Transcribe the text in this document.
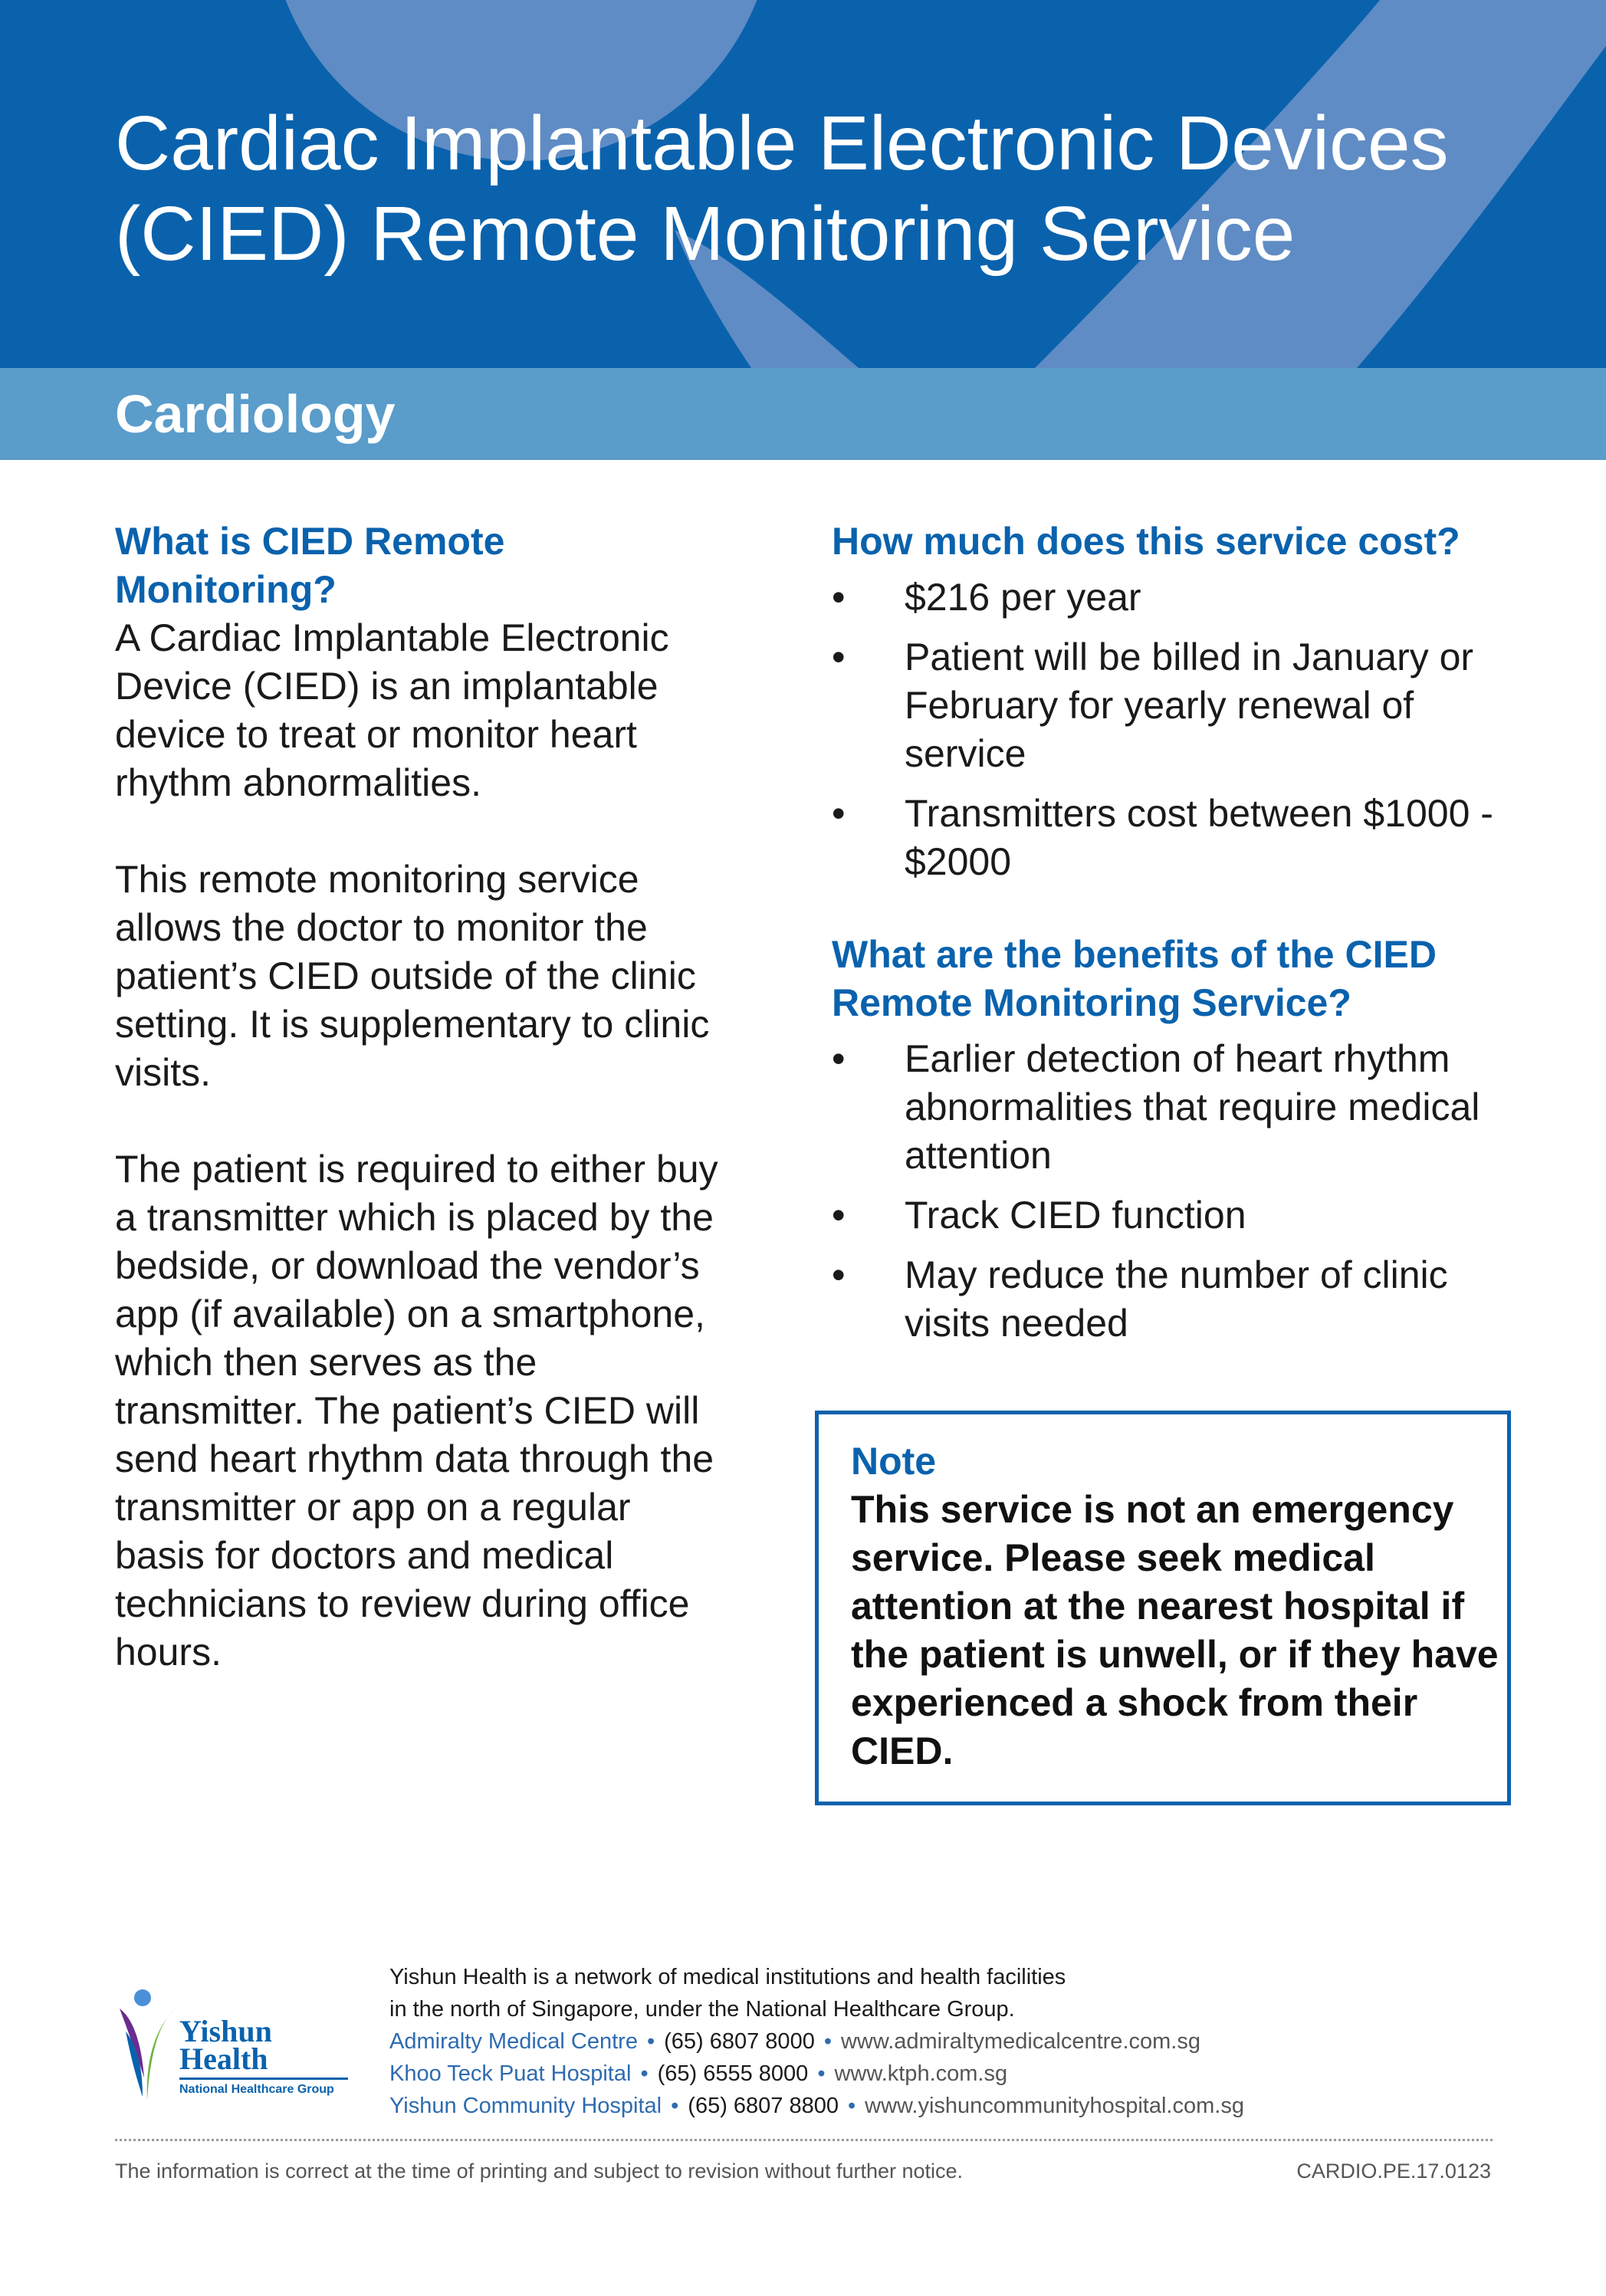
Cardiac Implantable Electronic Devices
(CIED) Remote Monitoring Service
Cardiology
What is CIED Remote Monitoring?

A Cardiac Implantable Electronic Device (CIED) is an implantable device to treat or monitor heart rhythm abnormalities.

This remote monitoring service allows the doctor to monitor the patient’s CIED outside of the clinic setting. It is supplementary to clinic visits.

The patient is required to either buy a transmitter which is placed by the bedside, or download the vendor’s app (if available) on a smartphone, which then serves as the transmitter. The patient’s CIED will send heart rhythm data through the transmitter or app on a regular basis for doctors and medical technicians to review during office hours.

How much does this service cost?
• $216 per year
• Patient will be billed in January or February for yearly renewal of service
• Transmitters cost between $1000 - $2000
What are the benefits of the CIED Remote Monitoring Service?
• Earlier detection of heart rhythm abnormalities that require medical attention
• Track CIED function
• May reduce the number of clinic visits needed
Note
This service is not an emergency service. Please seek medical attention at the nearest hospital if the patient is unwell, or if they have experienced a shock from their CIED.
Yishun
Health
National Healthcare Group
Yishun Health is a network of medical institutions and health facilities
in the north of Singapore, under the National Healthcare Group.
Admiralty Medical Centre • (65) 6807 8000 • www.admiraltymedicalcentre.com.sg
Khoo Teck Puat Hospital • (65) 6555 8000 • www.ktph.com.sg
Yishun Community Hospital • (65) 6807 8800 • www.yishuncommunityhospital.com.sg
The information is correct at the time of printing and subject to revision without further notice.	CARDIO.PE.17.0123
